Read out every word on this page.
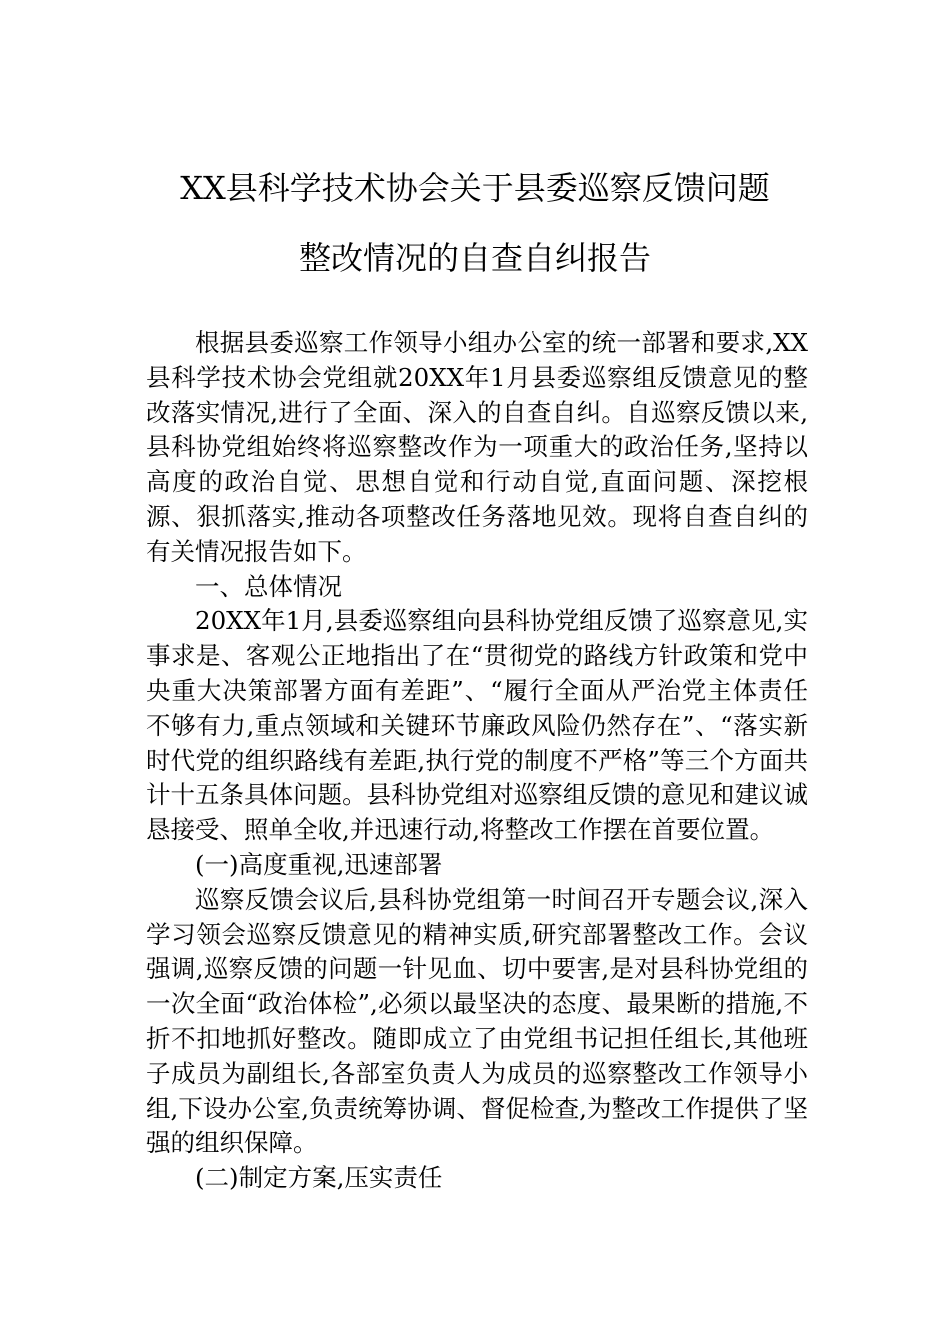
XX县科学技术协会关于县委巡察反馈问题
整改情况的自查自纠报告

根据县委巡察工作领导小组办公室的统一部署和要求,XX县科学技术协会党组就20XX年1月县委巡察组反馈意见的整改落实情况,进行了全面、深入的自查自纠。自巡察反馈以来,县科协党组始终将巡察整改作为一项重大的政治任务,坚持以高度的政治自觉、思想自觉和行动自觉,直面问题、深挖根源、狠抓落实,推动各项整改任务落地见效。现将自查自纠的有关情况报告如下。

一、总体情况

20XX年1月,县委巡察组向县科协党组反馈了巡察意见,实事求是、客观公正地指出了在“贯彻党的路线方针政策和党中央重大决策部署方面有差距”、“履行全面从严治党主体责任不够有力,重点领域和关键环节廉政风险仍然存在”、“落实新时代党的组织路线有差距,执行党的制度不严格”等三个方面共计十五条具体问题。县科协党组对巡察组反馈的意见和建议诚恳接受、照单全收,并迅速行动,将整改工作摆在首要位置。

(一)高度重视,迅速部署

巡察反馈会议后,县科协党组第一时间召开专题会议,深入学习领会巡察反馈意见的精神实质,研究部署整改工作。会议强调,巡察反馈的问题一针见血、切中要害,是对县科协党组的一次全面“政治体检”,必须以最坚决的态度、最果断的措施,不折不扣地抓好整改。随即成立了由党组书记担任组长,其他班子成员为副组长,各部室负责人为成员的巡察整改工作领导小组,下设办公室,负责统筹协调、督促检查,为整改工作提供了坚强的组织保障。

(二)制定方案,压实责任
